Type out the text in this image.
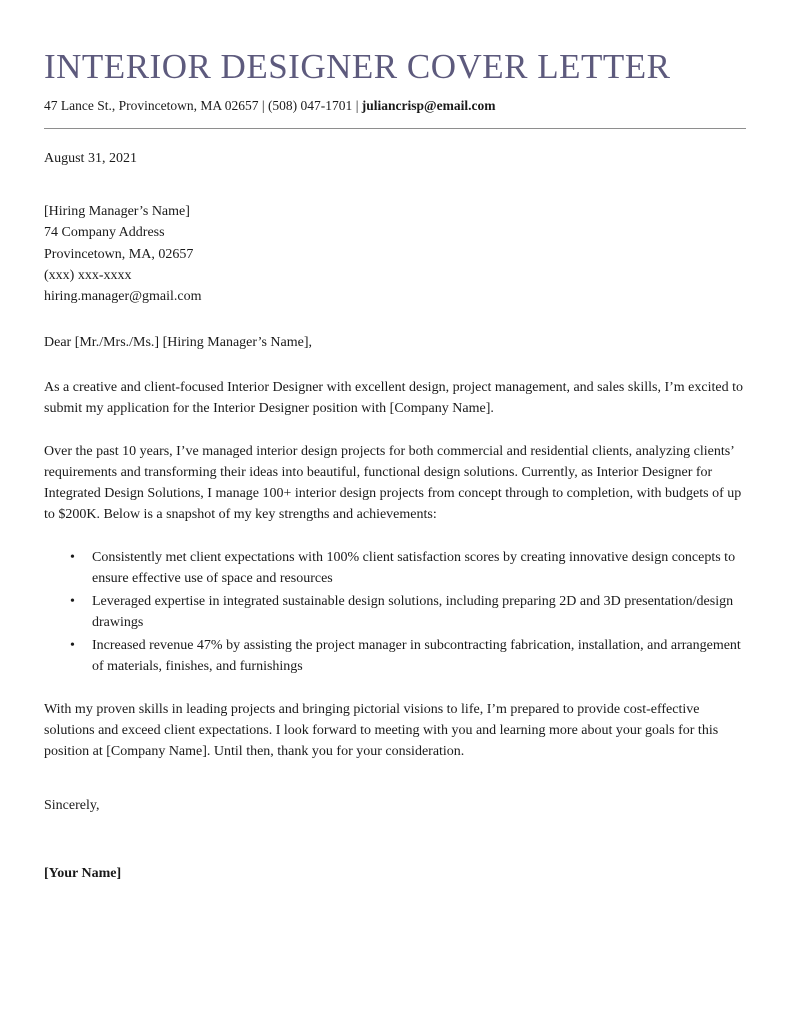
INTERIOR DESIGNER COVER LETTER
47 Lance St., Provincetown, MA 02657 | (508) 047-1701 | juliancrisp@email.com
August 31, 2021
[Hiring Manager’s Name]
74 Company Address
Provincetown, MA, 02657
(xxx) xxx-xxxx
hiring.manager@gmail.com
Dear [Mr./Mrs./Ms.] [Hiring Manager’s Name],

As a creative and client-focused Interior Designer with excellent design, project management, and sales skills, I’m excited to submit my application for the Interior Designer position with [Company Name].

Over the past 10 years, I’ve managed interior design projects for both commercial and residential clients, analyzing clients’ requirements and transforming their ideas into beautiful, functional design solutions. Currently, as Interior Designer for Integrated Design Solutions, I manage 100+ interior design projects from concept through to completion, with budgets of up to $200K. Below is a snapshot of my key strengths and achievements:

• Consistently met client expectations with 100% client satisfaction scores by creating innovative design concepts to ensure effective use of space and resources
• Leveraged expertise in integrated sustainable design solutions, including preparing 2D and 3D presentation/design drawings
• Increased revenue 47% by assisting the project manager in subcontracting fabrication, installation, and arrangement of materials, finishes, and furnishings

With my proven skills in leading projects and bringing pictorial visions to life, I’m prepared to provide cost-effective solutions and exceed client expectations. I look forward to meeting with you and learning more about your goals for this position at [Company Name]. Until then, thank you for your consideration.

Sincerely,
[Your Name]
